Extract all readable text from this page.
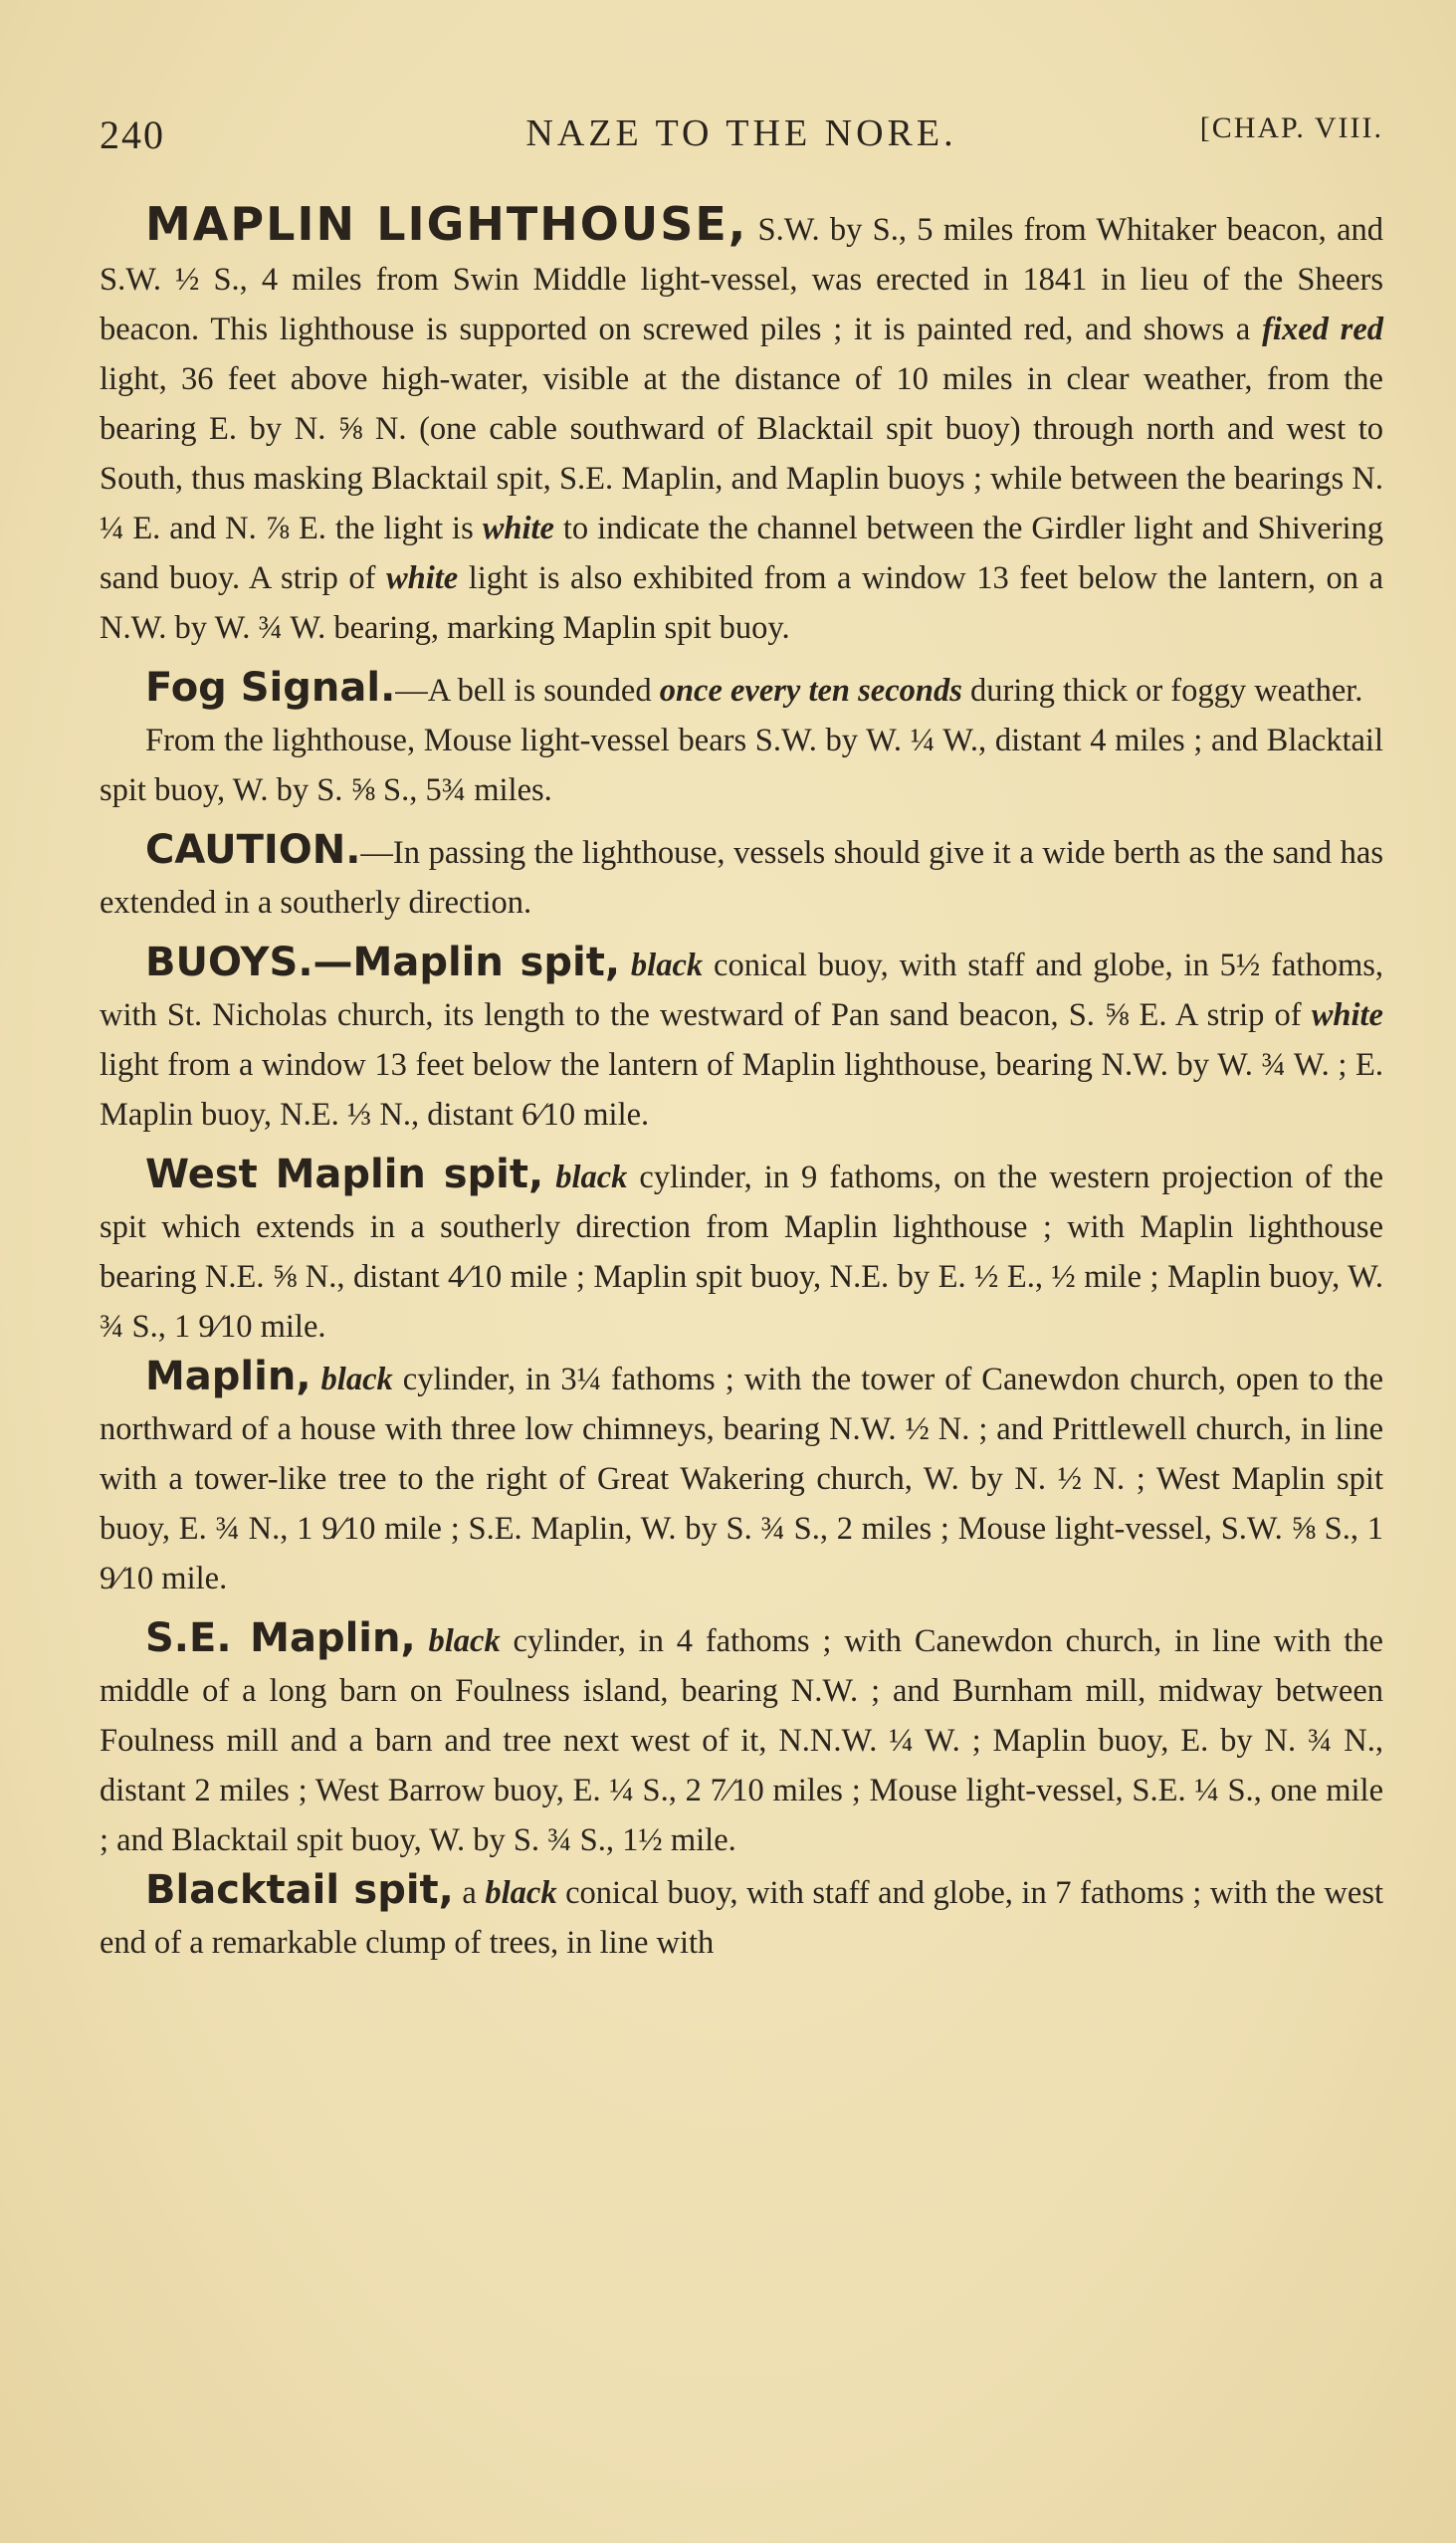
240	NAZE TO THE NORE.	[CHAP. VIII.

MAPLIN LIGHTHOUSE, S.W. by S., 5 miles from Whitaker beacon, and S.W. ½ S., 4 miles from Swin Middle light-vessel, was erected in 1841 in lieu of the Sheers beacon. This lighthouse is supported on screwed piles ; it is painted red, and shows a fixed red light, 36 feet above high-water, visible at the distance of 10 miles in clear weather, from the bearing E. by N. ⅝ N. (one cable southward of Blacktail spit buoy) through north and west to South, thus masking Blacktail spit, S.E. Maplin, and Maplin buoys ; while between the bearings N. ¼ E. and N. ⅞ E. the light is white to indicate the channel between the Girdler light and Shivering sand buoy. A strip of white light is also exhibited from a window 13 feet below the lantern, on a N.W. by W. ¾ W. bearing, marking Maplin spit buoy.

Fog Signal.—A bell is sounded once every ten seconds during thick or foggy weather.

From the lighthouse, Mouse light-vessel bears S.W. by W. ¼ W., distant 4 miles ; and Blacktail spit buoy, W. by S. ⅝ S., 5¾ miles.

CAUTION.—In passing the lighthouse, vessels should give it a wide berth as the sand has extended in a southerly direction.

BUOYS.—Maplin spit, black conical buoy, with staff and globe, in 5½ fathoms, with St. Nicholas church, its length to the westward of Pan sand beacon, S. ⅝ E. A strip of white light from a window 13 feet below the lantern of Maplin lighthouse, bearing N.W. by W. ¾ W. ; E. Maplin buoy, N.E. ⅓ N., distant 6⁄10 mile.

West Maplin spit, black cylinder, in 9 fathoms, on the western projection of the spit which extends in a southerly direction from Maplin lighthouse ; with Maplin lighthouse bearing N.E. ⅝ N., distant 4⁄10 mile ; Maplin spit buoy, N.E. by E. ½ E., ½ mile ; Maplin buoy, W. ¾ S., 1 9⁄10 mile.

Maplin, black cylinder, in 3¼ fathoms ; with the tower of Canewdon church, open to the northward of a house with three low chimneys, bearing N.W. ½ N. ; and Prittlewell church, in line with a tower-like tree to the right of Great Wakering church, W. by N. ½ N. ; West Maplin spit buoy, E. ¾ N., 1 9⁄10 mile ; S.E. Maplin, W. by S. ¾ S., 2 miles ; Mouse light-vessel, S.W. ⅝ S., 1 9⁄10 mile.

S.E. Maplin, black cylinder, in 4 fathoms ; with Canewdon church, in line with the middle of a long barn on Foulness island, bearing N.W. ; and Burnham mill, midway between Foulness mill and a barn and tree next west of it, N.N.W. ¼ W. ; Maplin buoy, E. by N. ¾ N., distant 2 miles ; West Barrow buoy, E. ¼ S., 2 7⁄10 miles ; Mouse light-vessel, S.E. ¼ S., one mile ; and Blacktail spit buoy, W. by S. ¾ S., 1½ mile.

Blacktail spit, a black conical buoy, with staff and globe, in 7 fathoms ; with the west end of a remarkable clump of trees, in line with
